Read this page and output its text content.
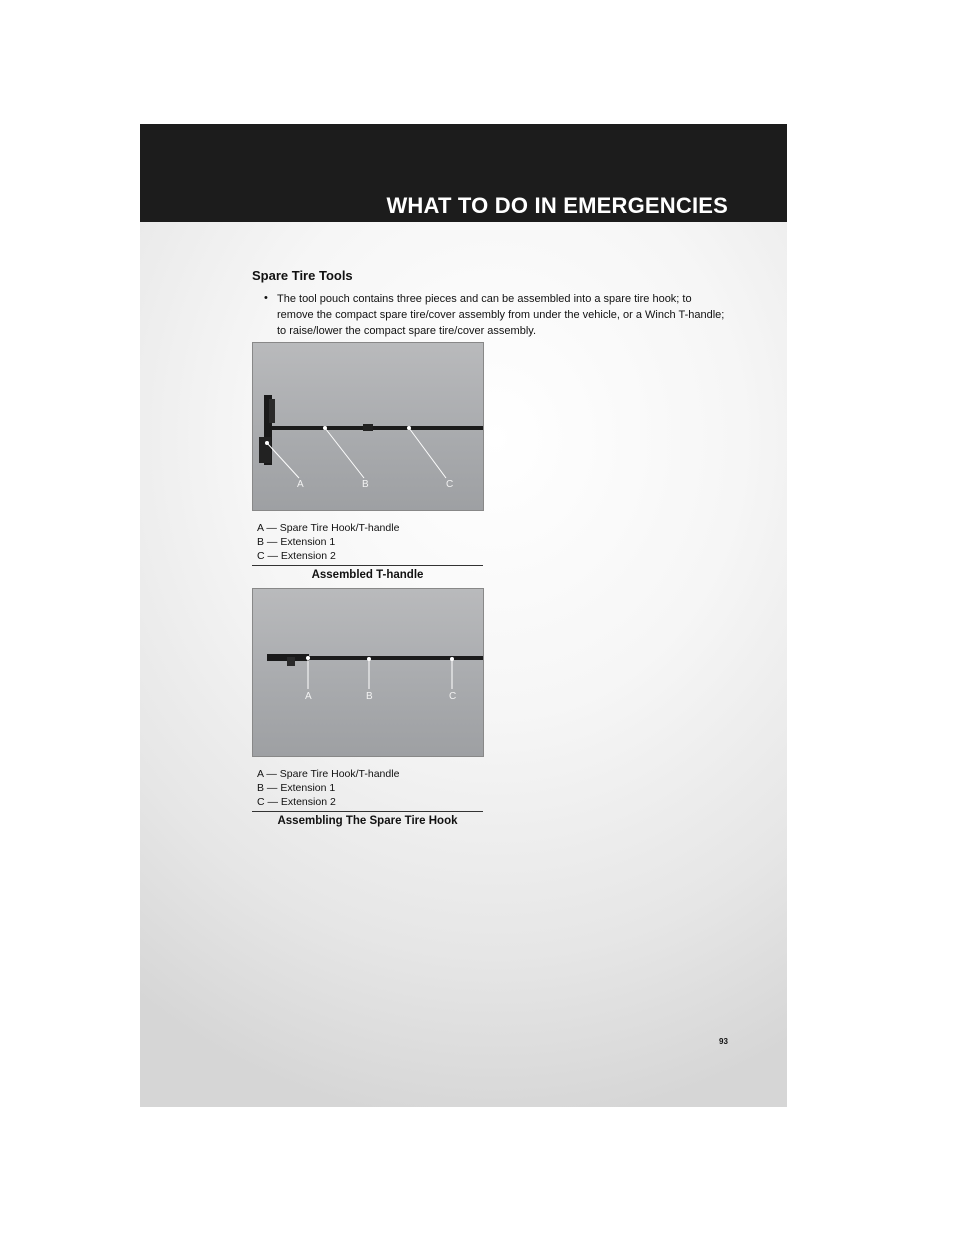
WHAT TO DO IN EMERGENCIES
Spare Tire Tools
• The tool pouch contains three pieces and can be assembled into a spare tire hook; to remove the compact spare tire/cover assembly from under the vehicle, or a Winch T-handle; to raise/lower the compact spare tire/cover assembly.
A	B	C
A — Spare Tire Hook/T-handle
B — Extension 1
C — Extension 2
Assembled T-handle
A	B	C
A — Spare Tire Hook/T-handle
B — Extension 1
C — Extension 2
Assembling The Spare Tire Hook
93
